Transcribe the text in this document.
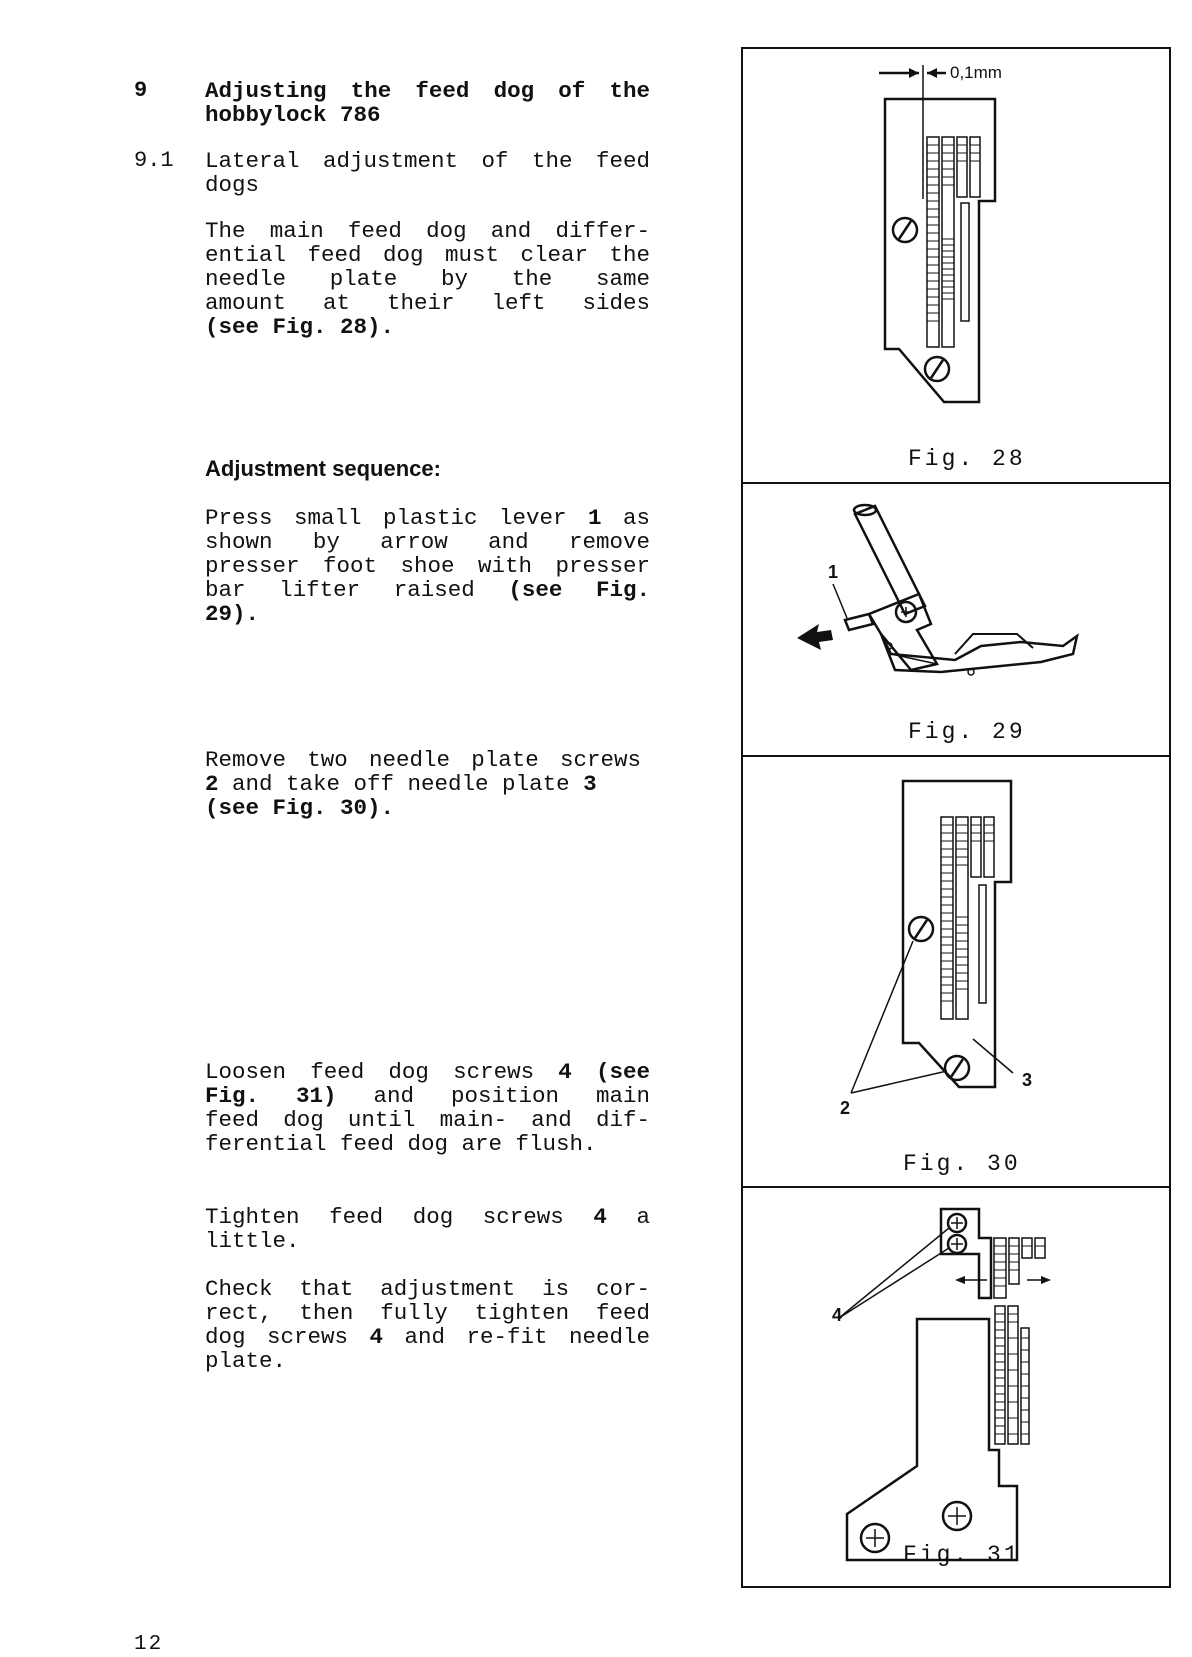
9	Adjusting the feed dog of the
hobbylock 786
9.1 Lateral adjustment of the feed
dogs
The main feed dog and differ-
ential feed dog must clear the
needle plate by the same
amount at their left sides
(see Fig. 28).
Adjustment sequence:
Press small plastic lever 1 as
shown by arrow and remove
presser foot shoe with presser
bar lifter raised (see Fig.
29).
Remove two needle plate screws
2 and take off needle plate 3
(see Fig. 30).
Loosen feed dog screws 4 (see
Fig. 31) and position main
feed dog until main- and dif-
ferential feed dog are flush.
Tighten feed dog screws 4 a
little.
Check that adjustment is cor-
rect, then fully tighten feed
dog screws 4 and re-fit needle
plate.
12
0,1mm
Fig. 28
1
Fig. 29
2
3
Fig. 30
4
Fig. 31
